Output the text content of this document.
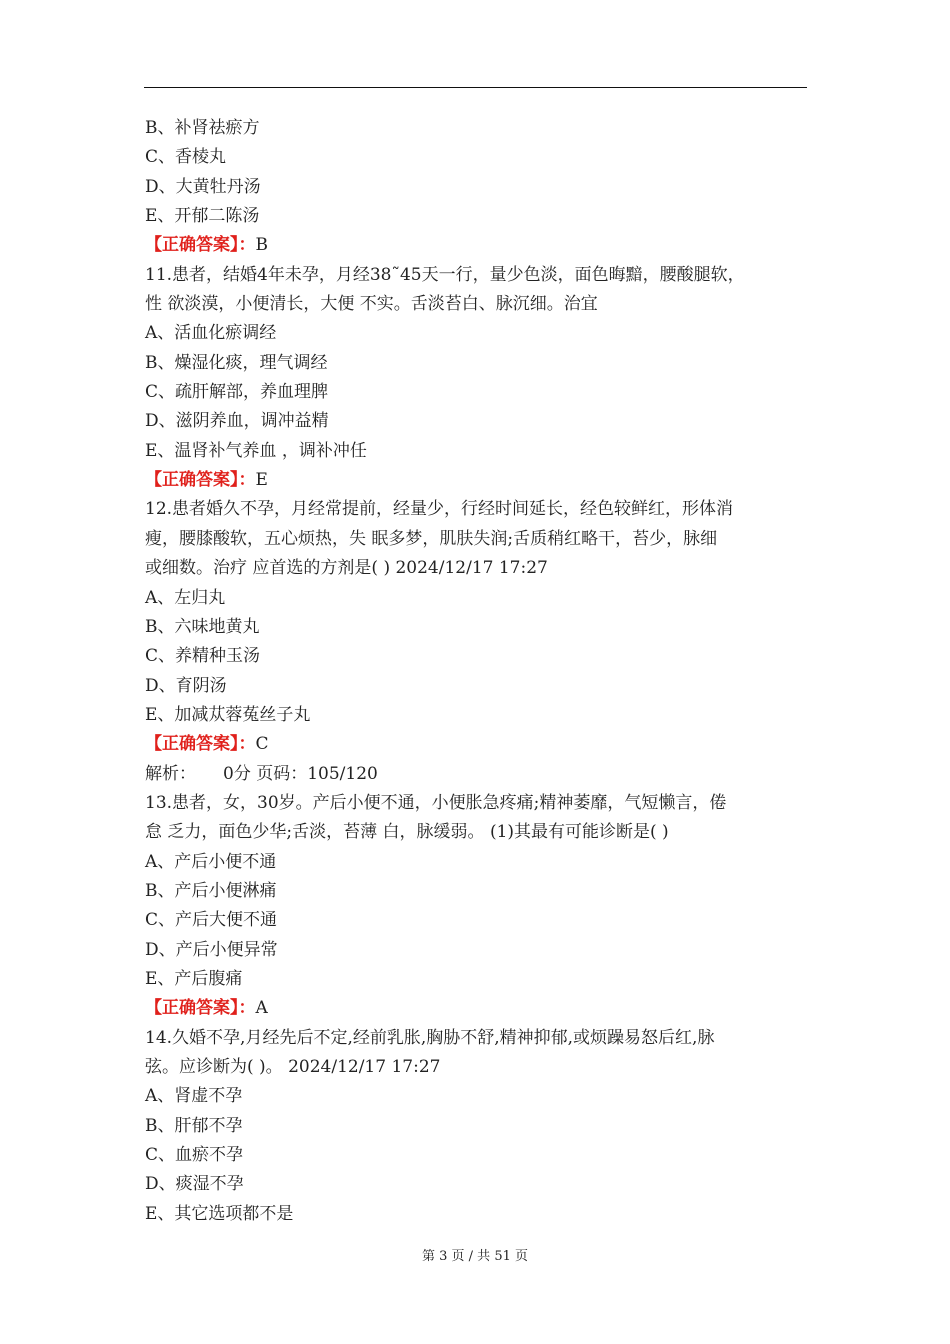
B、补肾祛瘀方
C、香棱丸
D、大黄牡丹汤
E、开郁二陈汤
【正确答案】：B
11.患者，结婚4年未孕，月经38˜45天一行，量少色淡，面色晦黯，腰酸腿软，
性 欲淡漠，小便清长，大便 不实。舌淡苔白、脉沉细。治宜
A、活血化瘀调经
B、燥湿化痰，理气调经
C、疏肝解部，养血理脾
D、滋阴养血，调冲益精
E、温肾补气养血 ，调补冲任
【正确答案】：E
12.患者婚久不孕，月经常提前，经量少，行经时间延长，经色较鲜红，形体消
瘦，腰膝酸软，五心烦热，失 眠多梦，肌肤失润;舌质稍红略干，苔少，脉细
或细数。治疗 应首选的方剂是( ) 2024/12/17 17:27
A、左归丸
B、六味地黄丸
C、养精种玉汤
D、育阴汤
E、加减苁蓉菟丝子丸
【正确答案】：C
解析：     0分 页码：105/120
13.患者，女，30岁。产后小便不通，小便胀急疼痛;精神萎靡，气短懒言，倦
怠 乏力，面色少华;舌淡，苔薄 白，脉缓弱。 (1)其最有可能诊断是( )
A、产后小便不通
B、产后小便淋痛
C、产后大便不通
D、产后小便异常
E、产后腹痛
【正确答案】：A
14.久婚不孕,月经先后不定,经前乳胀,胸胁不舒,精神抑郁,或烦躁易怒后红,脉
弦。应诊断为( )。 2024/12/17 17:27
A、肾虚不孕
B、肝郁不孕
C、血瘀不孕
D、痰湿不孕
E、其它选项都不是
第 3 页 / 共 51 页
